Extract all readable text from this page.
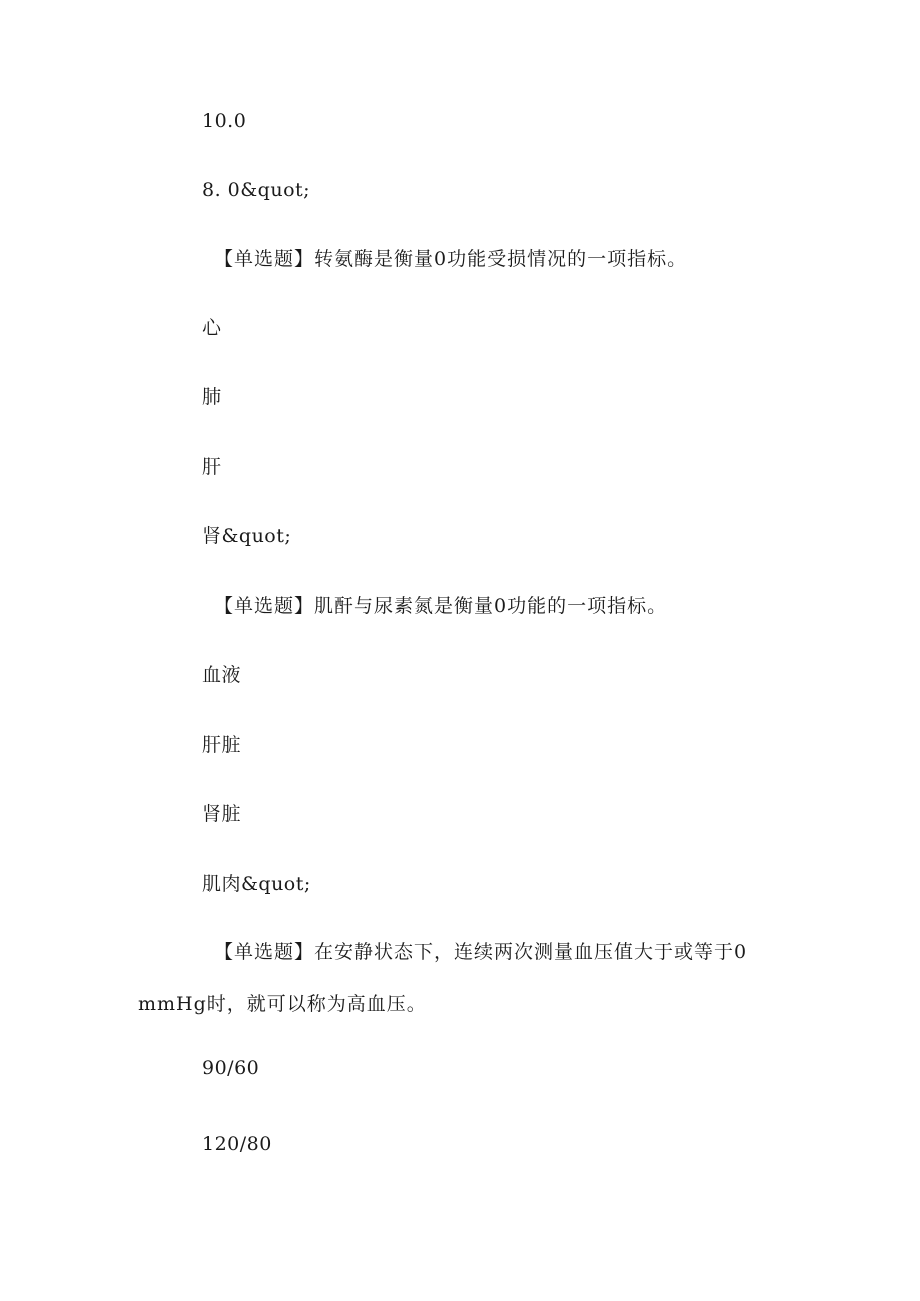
10.0
8. 0&quot;
【单选题】转氨酶是衡量0功能受损情况的一项指标。
心
肺
肝
肾&quot;
【单选题】肌酐与尿素氮是衡量0功能的一项指标。
血液
肝脏
肾脏
肌肉&quot;
【单选题】在安静状态下，连续两次测量血压值大于或等于0 mmHg时，就可以称为高血压。
90/60
120/80
